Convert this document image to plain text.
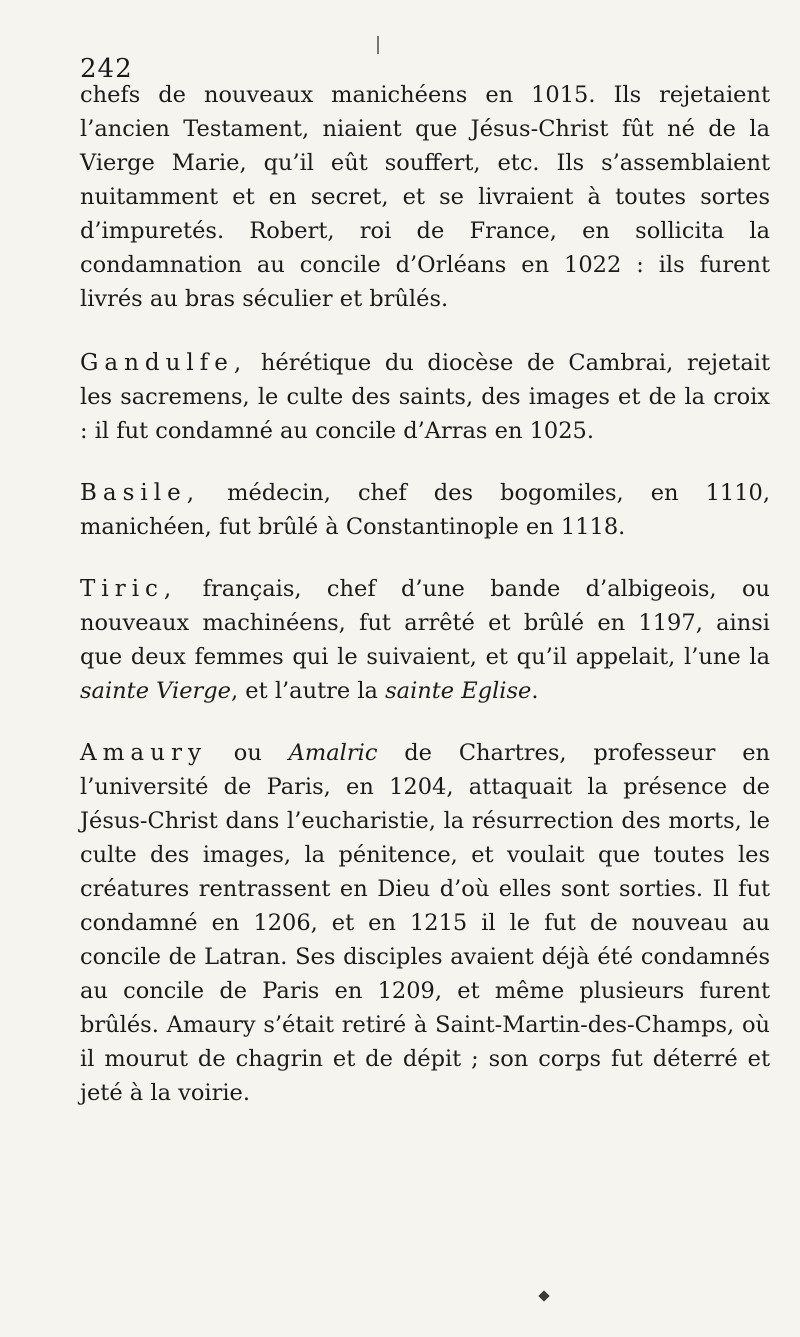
242

chefs de nouveaux manichéens en 1015. Ils rejetaient l’ancien Testament, niaient que Jésus-Christ fût né de la Vierge Marie, qu’il eût souffert, etc. Ils s’assemblaient nuitamment et en secret, et se livraient à toutes sortes d’impuretés. Robert, roi de France, en sollicita la condamnation au concile d’Orléans en 1022 : ils furent livrés au bras séculier et brûlés.

Gandulfe, hérétique du diocèse de Cambrai, rejetait les sacremens, le culte des saints, des images et de la croix : il fut condamné au concile d’Arras en 1025.

Basile, médecin, chef des bogomiles, en 1110, manichéen, fut brûlé à Constantinople en 1118.

Tiric, français, chef d’une bande d’albigeois, ou nouveaux machinéens, fut arrêté et brûlé en 1197, ainsi que deux femmes qui le suivaient, et qu’il appelait, l’une la sainte Vierge, et l’autre la sainte Eglise.

Amaury ou Amalric de Chartres, professeur en l’université de Paris, en 1204, attaquait la présence de Jésus-Christ dans l’eucharistie, la résurrection des morts, le culte des images, la pénitence, et voulait que toutes les créatures rentrassent en Dieu d’où elles sont sorties. Il fut condamné en 1206, et en 1215 il le fut de nouveau au concile de Latran. Ses disciples avaient déjà été condamnés au concile de Paris en 1209, et même plusieurs furent brûlés. Amaury s’était retiré à Saint-Martin-des-Champs, où il mourut de chagrin et de dépit ; son corps fut déterré et jeté à la voirie.
